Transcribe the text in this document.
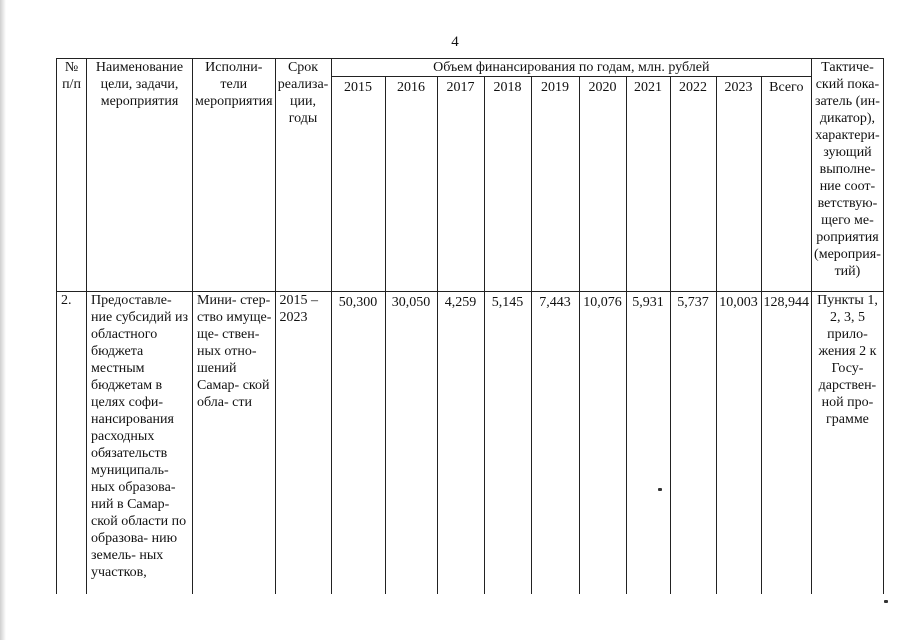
4
№ п/п	Наименование цели, задачи, мероприятия	Исполни- тели мероприятия	Срок реализа- ции, годы	Объем финансирования по годам, млн. рублей										Тактиче- ский пока- затель (ин- дикатор), характери- зующий выполне- ние соот- ветствую- щего ме- роприятия (мероприя- тий)
				2015	2016	2017	2018	2019	2020	2021	2022	2023	Всего	
2.	Предоставле- ние субсидий из областного бюджета местным бюджетам в целях софи- нансирования расходных обязательств муниципаль- ных образова- ний в Самар- ской области по образова- нию земель- ных участков,	Мини- стер- ство имуще- ще- ствен- ных отно- шений Самар- ской обла- сти	2015 – 2023	50,300	30,050	4,259	5,145	7,443	10,076	5,931	5,737	10,003	128,944	Пункты 1, 2, 3, 5 прило- жения 2 к Госу- дарствен- ной про- грамме
